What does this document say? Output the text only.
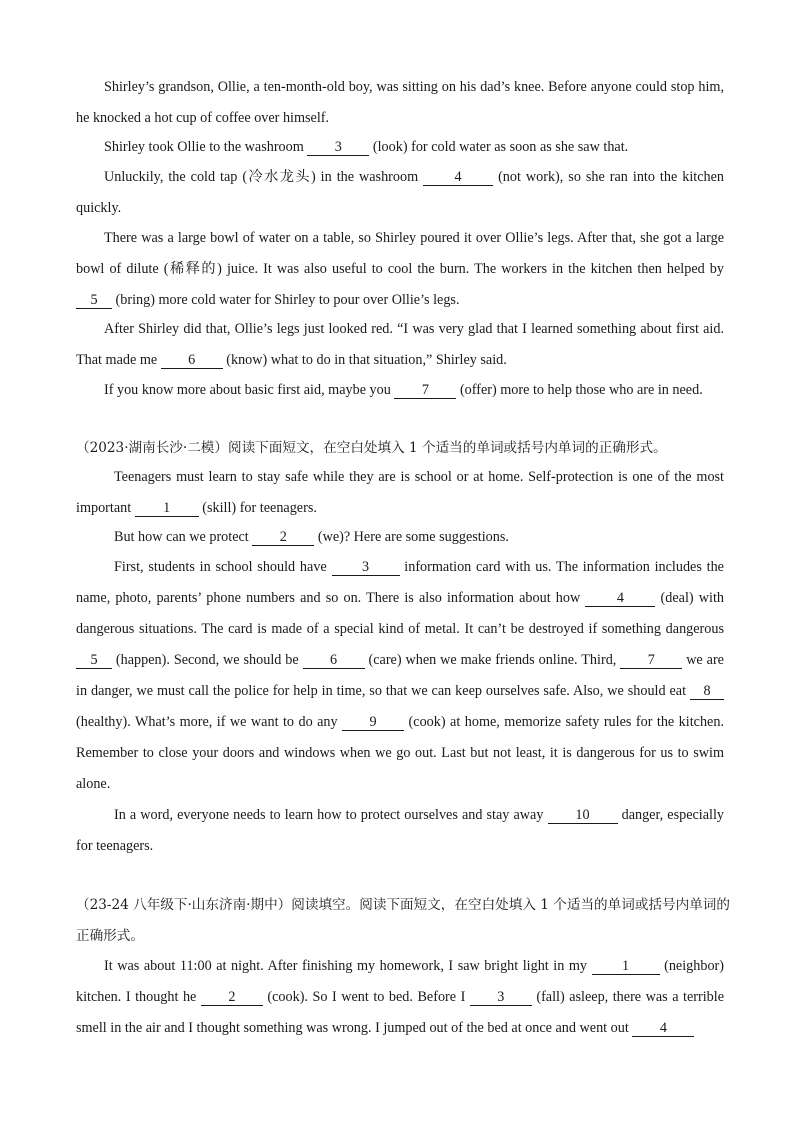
Shirley’s grandson, Ollie, a ten-month-old boy, was sitting on his dad’s knee. Before anyone could stop him, he knocked a hot cup of coffee over himself.

Shirley took Ollie to the washroom 3 (look) for cold water as soon as she saw that.

Unluckily, the cold tap (冷水龙头) in the washroom 4 (not work), so she ran into the kitchen quickly.

There was a large bowl of water on a table, so Shirley poured it over Ollie’s legs. After that, she got a large bowl of dilute (稀释的) juice. It was also useful to cool the burn. The workers in the kitchen then helped by 5 (bring) more cold water for Shirley to pour over Ollie’s legs.

After Shirley did that, Ollie’s legs just looked red. “I was very glad that I learned something about first aid. That made me 6 (know) what to do in that situation,” Shirley said.

If you know more about basic first aid, maybe you 7 (offer) more to help those who are in need.

（2023·湖南长沙·二模）阅读下面短文，在空白处填入 1 个适当的单词或括号内单词的正确形式。

Teenagers must learn to stay safe while they are is school or at home. Self-protection is one of the most important 1 (skill) for teenagers.

But how can we protect 2 (we)? Here are some suggestions.

First, students in school should have 3 information card with us. The information includes the name, photo, parents’ phone numbers and so on. There is also information about how 4 (deal) with dangerous situations. The card is made of a special kind of metal. It can’t be destroyed if something dangerous 5 (happen). Second, we should be 6 (care) when we make friends online. Third, 7 we are in danger, we must call the police for help in time, so that we can keep ourselves safe. Also, we should eat 8 (healthy). What’s more, if we want to do any 9 (cook) at home, memorize safety rules for the kitchen. Remember to close your doors and windows when we go out. Last but not least, it is dangerous for us to swim alone.

In a word, everyone needs to learn how to protect ourselves and stay away 10 danger, especially for teenagers.

（23-24 八年级下·山东济南·期中）阅读填空。阅读下面短文，在空白处填入 1 个适当的单词或括号内单词的正确形式。

It was about 11:00 at night. After finishing my homework, I saw bright light in my 1 (neighbor) kitchen. I thought he 2 (cook). So I went to bed. Before I 3 (fall) asleep, there was a terrible smell in the air and I thought something was wrong. I jumped out of the bed at once and went out 4
